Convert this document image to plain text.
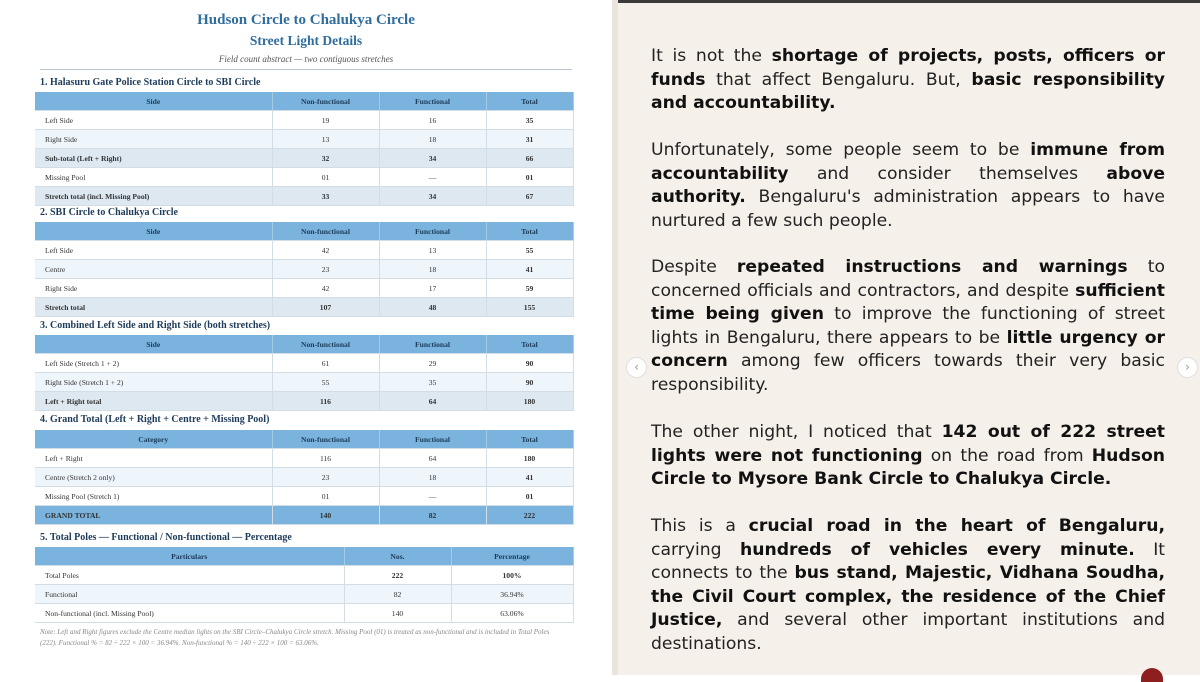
Hudson Circle to Chalukya Circle
Street Light Details
Field count abstract — two contiguous stretches
1. Halasuru Gate Police Station Circle to SBI Circle
Side	Non-functional	Functional	Total
Left Side	19	16	35
Right Side	13	18	31
Sub-total (Left + Right)	32	34	66
Missing Pool	01	—	01
Stretch total (incl. Missing Pool)	33	34	67
2. SBI Circle to Chalukya Circle
Side	Non-functional	Functional	Total
Left Side	42	13	55
Centre	23	18	41
Right Side	42	17	59
Stretch total	107	48	155
3. Combined Left Side and Right Side (both stretches)
Side	Non-functional	Functional	Total
Left Side (Stretch 1 + 2)	61	29	90
Right Side (Stretch 1 + 2)	55	35	90
Left + Right total	116	64	180
4. Grand Total (Left + Right + Centre + Missing Pool)
Category	Non-functional	Functional	Total
Left + Right	116	64	180
Centre (Stretch 2 only)	23	18	41
Missing Pool (Stretch 1)	01	—	01
GRAND TOTAL	140	82	222
5. Total Poles — Functional / Non-functional — Percentage
Particulars	Nos.	Percentage
Total Poles	222	100%
Functional	82	36.94%
Non-functional (incl. Missing Pool)	140	63.06%
Note: Left and Right figures exclude the Centre median lights on the SBI Circle–Chalukya Circle stretch. Missing Pool (01) is treated as non-functional and is included in Total Poles (222). Functional % = 82 ÷ 222 × 100 = 36.94%. Non-functional % = 140 ÷ 222 × 100 = 63.06%.

It is not the shortage of projects, posts, officers or funds that affect Bengaluru. But, basic responsibility and accountability.

Unfortunately, some people seem to be immune from accountability and consider themselves above authority. Bengaluru's administration appears to have nurtured a few such people.

Despite repeated instructions and warnings to concerned officials and contractors, and despite sufficient time being given to improve the functioning of street lights in Bengaluru, there appears to be little urgency or concern among few officers towards their very basic responsibility.

The other night, I noticed that 142 out of 222 street lights were not functioning on the road from Hudson Circle to Mysore Bank Circle to Chalukya Circle.

This is a crucial road in the heart of Bengaluru, carrying hundreds of vehicles every minute. It connects to the bus stand, Majestic, Vidhana Soudha, the Civil Court complex, the residence of the Chief Justice, and several other important institutions and destinations.

‹	›
